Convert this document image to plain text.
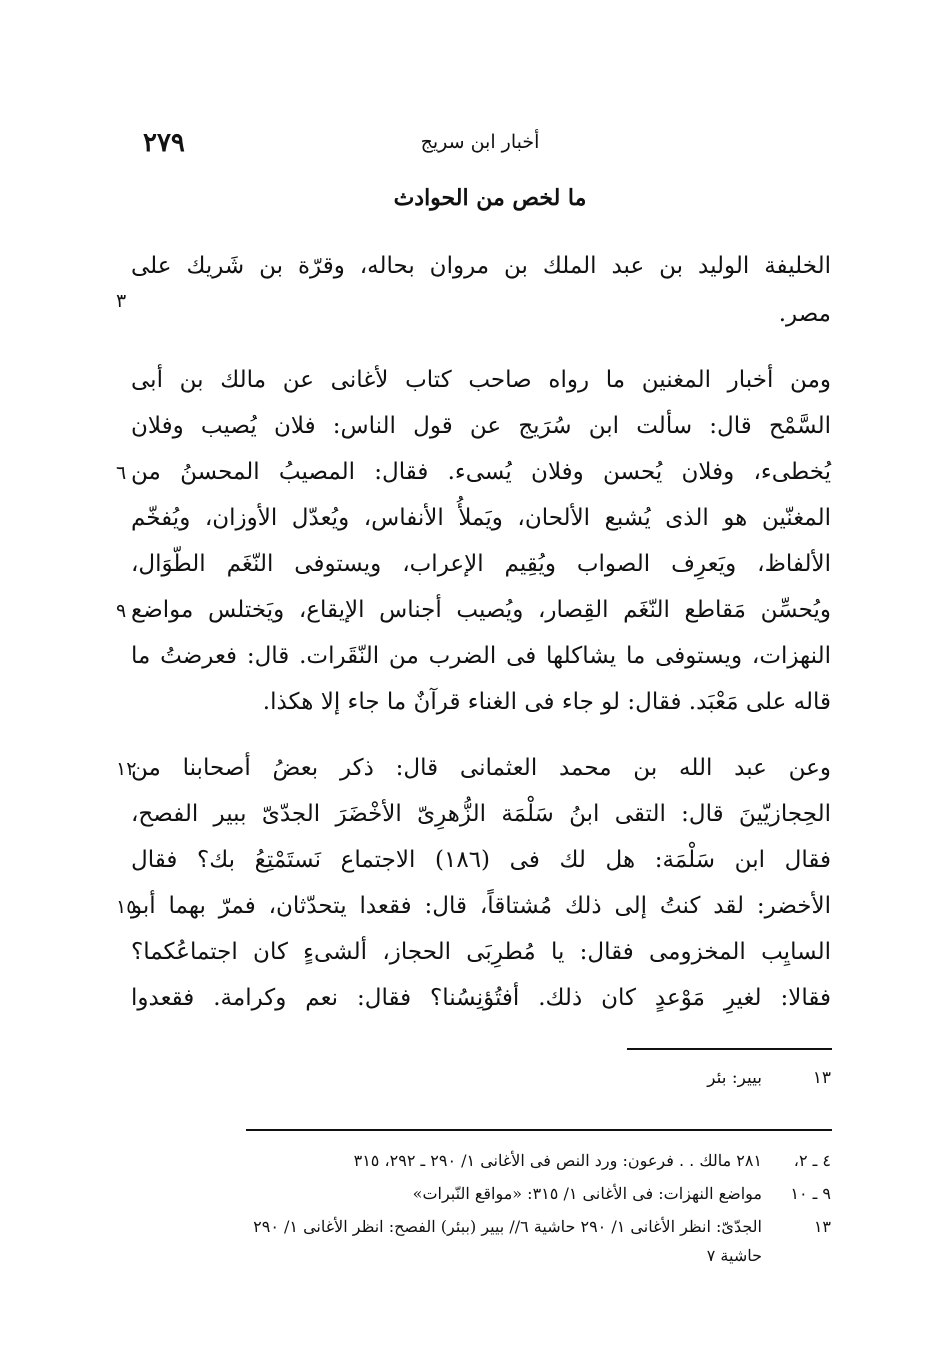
٢٧٩	أخبار ابن سريج
ما لخص من الحوادث
الخليفة الوليد بن عبد الملك بن مروان بحاله، وقرّة بن شَريك على
مصر.
٣
ومن أخبار المغنين ما رواه صاحب كتاب لأغانى عن مالك بن أبى
السَّمْح قال: سألت ابن سُرَيج عن قول الناس: فلان يُصيب وفلان
يُخطىء، وفلان يُحسن وفلان يُسىء. فقال: المصيبُ المحسنُ من
٦
المغنّين هو الذى يُشبع الألحان، ويَملأُ الأنفاس، ويُعدّل الأوزان، ويُفخّم
الألفاظ، ويَعرِف الصواب ويُقِيم الإعراب، ويستوفى النّغَم الطّوَال،
ويُحسِّن مَقاطع النّغَم القِصار، ويُصيب أجناس الإيقاع، ويَختلس مواضع
٩
النهزات، ويستوفى ما يشاكلها فى الضرب من النّقَرات. قال: فعرضتُ ما
قاله على مَعْبَد. فقال: لو جاء فى الغناء قرآنٌ ما جاء إلا هكذا.
وعن عبد الله بن محمد العثمانى قال: ذكر بعضُ أصحابنا من
١٢
الحِجازيّينَ قال: التقى ابنُ سَلْمَة الزُّهرِىّ الأخْضَرَ الجدّىّ ببير الفصح،
فقال ابن سَلْمَة: هل لك فى (١٨٦) الاجتماع نَستَمْتِعُ بك؟ فقال
الأخضر: لقد كنتُ إلى ذلك مُشتاقاً، قال: فقعدا يتحدّثان، فمرّ بهما أبو
١٥
السايِب المخزومى فقال: يا مُطرِبَى الحجاز، ألشىءٍ كان اجتماعُكما؟
فقالا: لغيرِ مَوْعدٍ كان ذلك. أفتُؤنِسُنا؟ فقال: نعم وكرامة. فقعدوا
١٣بيير: بئر
٤ ـ ٢،٢٨١ مالك . . فرعون: ورد النص فى الأغانى ١/ ٢٩٠ ـ ٢٩٢، ٣١٥
٩ ـ ١٠مواضع النهزات: فى الأغانى ١/ ٣١٥: «مواقع النّبرات»
١٣الجدّىّ: انظر الأغانى ١/ ٢٩٠ حاشية ٦// بيير (ببئر) الفصح: انظر الأغانى ١/ ٢٩٠
حاشية ٧
